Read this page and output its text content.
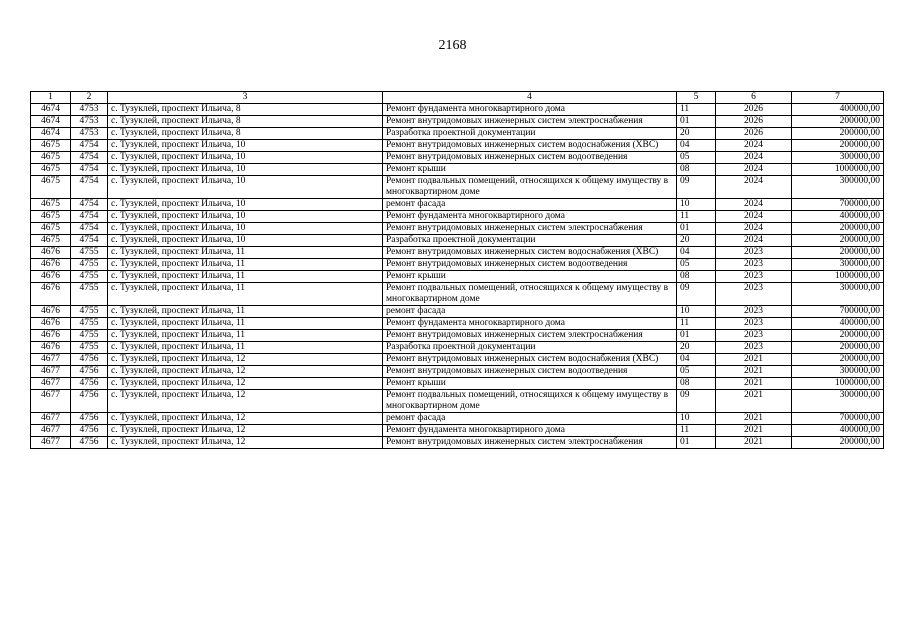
2168
1	2	3	4	5	6	7
4674	4753	с. Тузуклей, проспект Ильича, 8	Ремонт фундамента многоквартирного дома	11	2026	400000,00
4674	4753	с. Тузуклей, проспект Ильича, 8	Ремонт внутридомовых инженерных систем электроснабжения	01	2026	200000,00
4674	4753	с. Тузуклей, проспект Ильича, 8	Разработка проектной документации	20	2026	200000,00
4675	4754	с. Тузуклей, проспект Ильича, 10	Ремонт внутридомовых инженерных систем водоснабжения (ХВС)	04	2024	200000,00
4675	4754	с. Тузуклей, проспект Ильича, 10	Ремонт внутридомовых инженерных систем водоотведения	05	2024	300000,00
4675	4754	с. Тузуклей, проспект Ильича, 10	Ремонт крыши	08	2024	1000000,00
4675	4754	с. Тузуклей, проспект Ильича, 10	Ремонт подвальных помещений, относящихся к общему имуществу в многоквартирном доме	09	2024	300000,00
4675	4754	с. Тузуклей, проспект Ильича, 10	ремонт фасада	10	2024	700000,00
4675	4754	с. Тузуклей, проспект Ильича, 10	Ремонт фундамента многоквартирного дома	11	2024	400000,00
4675	4754	с. Тузуклей, проспект Ильича, 10	Ремонт внутридомовых инженерных систем электроснабжения	01	2024	200000,00
4675	4754	с. Тузуклей, проспект Ильича, 10	Разработка проектной документации	20	2024	200000,00
4676	4755	с. Тузуклей, проспект Ильича, 11	Ремонт внутридомовых инженерных систем водоснабжения (ХВС)	04	2023	200000,00
4676	4755	с. Тузуклей, проспект Ильича, 11	Ремонт внутридомовых инженерных систем водоотведения	05	2023	300000,00
4676	4755	с. Тузуклей, проспект Ильича, 11	Ремонт крыши	08	2023	1000000,00
4676	4755	с. Тузуклей, проспект Ильича, 11	Ремонт подвальных помещений, относящихся к общему имуществу в многоквартирном доме	09	2023	300000,00
4676	4755	с. Тузуклей, проспект Ильича, 11	ремонт фасада	10	2023	700000,00
4676	4755	с. Тузуклей, проспект Ильича, 11	Ремонт фундамента многоквартирного дома	11	2023	400000,00
4676	4755	с. Тузуклей, проспект Ильича, 11	Ремонт внутридомовых инженерных систем электроснабжения	01	2023	200000,00
4676	4755	с. Тузуклей, проспект Ильича, 11	Разработка проектной документации	20	2023	200000,00
4677	4756	с. Тузуклей, проспект Ильича, 12	Ремонт внутридомовых инженерных систем водоснабжения (ХВС)	04	2021	200000,00
4677	4756	с. Тузуклей, проспект Ильича, 12	Ремонт внутридомовых инженерных систем водоотведения	05	2021	300000,00
4677	4756	с. Тузуклей, проспект Ильича, 12	Ремонт крыши	08	2021	1000000,00
4677	4756	с. Тузуклей, проспект Ильича, 12	Ремонт подвальных помещений, относящихся к общему имуществу в многоквартирном доме	09	2021	300000,00
4677	4756	с. Тузуклей, проспект Ильича, 12	ремонт фасада	10	2021	700000,00
4677	4756	с. Тузуклей, проспект Ильича, 12	Ремонт фундамента многоквартирного дома	11	2021	400000,00
4677	4756	с. Тузуклей, проспект Ильича, 12	Ремонт внутридомовых инженерных систем электроснабжения	01	2021	200000,00
